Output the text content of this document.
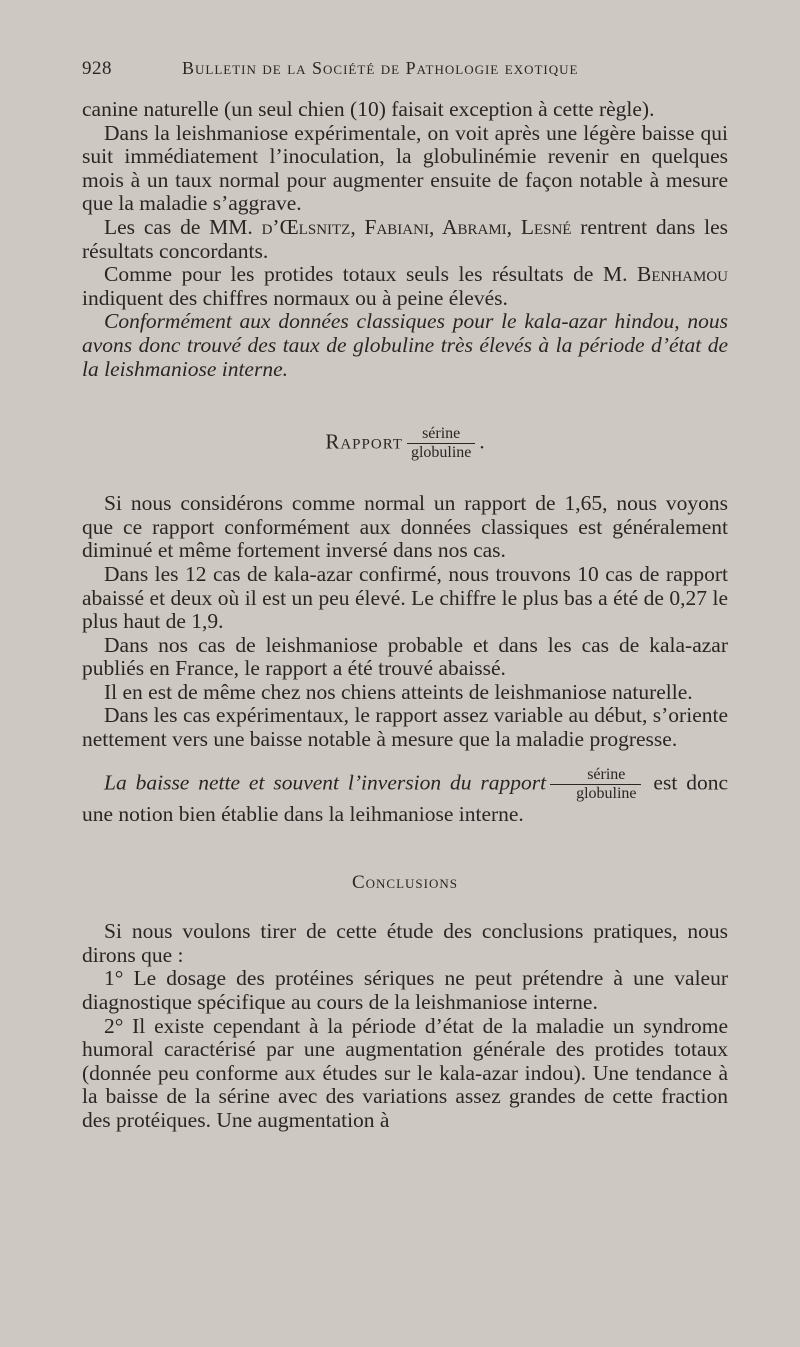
928	Bulletin de la Société de Pathologie exotique

canine naturelle (un seul chien (10) faisait exception à cette règle).

Dans la leishmaniose expérimentale, on voit après une légère baisse qui suit immédiatement l’inoculation, la globulinémie revenir en quelques mois à un taux normal pour augmenter ensuite de façon notable à mesure que la maladie s’aggrave.

Les cas de MM. d’Œlsnitz, Fabiani, Abrami, Lesné rentrent dans les résultats concordants.

Comme pour les protides totaux seuls les résultats de M. Benhamou indiquent des chiffres normaux ou à peine élevés.

Conformément aux données classiques pour le kala-azar hindou, nous avons donc trouvé des taux de globuline très élevés à la période d’état de la leishmaniose interne.

Rapport $\frac{\text{sérine}}{\text{globuline}}$ .

Si nous considérons comme normal un rapport de 1,65, nous voyons que ce rapport conformément aux données classiques est généralement diminué et même fortement inversé dans nos cas.

Dans les 12 cas de kala-azar confirmé, nous trouvons 10 cas de rapport abaissé et deux où il est un peu élevé. Le chiffre le plus bas a été de 0,27 le plus haut de 1,9.

Dans nos cas de leishmaniose probable et dans les cas de kala-azar publiés en France, le rapport a été trouvé abaissé.

Il en est de même chez nos chiens atteints de leishmaniose naturelle.

Dans les cas expérimentaux, le rapport assez variable au début, s’oriente nettement vers une baisse notable à mesure que la maladie progresse.

La baisse nette et souvent l’inversion du rapport $\frac{\text{sérine}}{\text{globuline}}$ est donc une notion bien établie dans la leihmaniose interne.

Conclusions

Si nous voulons tirer de cette étude des conclusions pratiques, nous dirons que :

1° Le dosage des protéines sériques ne peut prétendre à une valeur diagnostique spécifique au cours de la leishmaniose interne.

2° Il existe cependant à la période d’état de la maladie un syndrome humoral caractérisé par une augmentation générale des protides totaux (donnée peu conforme aux études sur le kala-azar indou). Une tendance à la baisse de la sérine avec des variations assez grandes de cette fraction des protéiques. Une augmentation à
